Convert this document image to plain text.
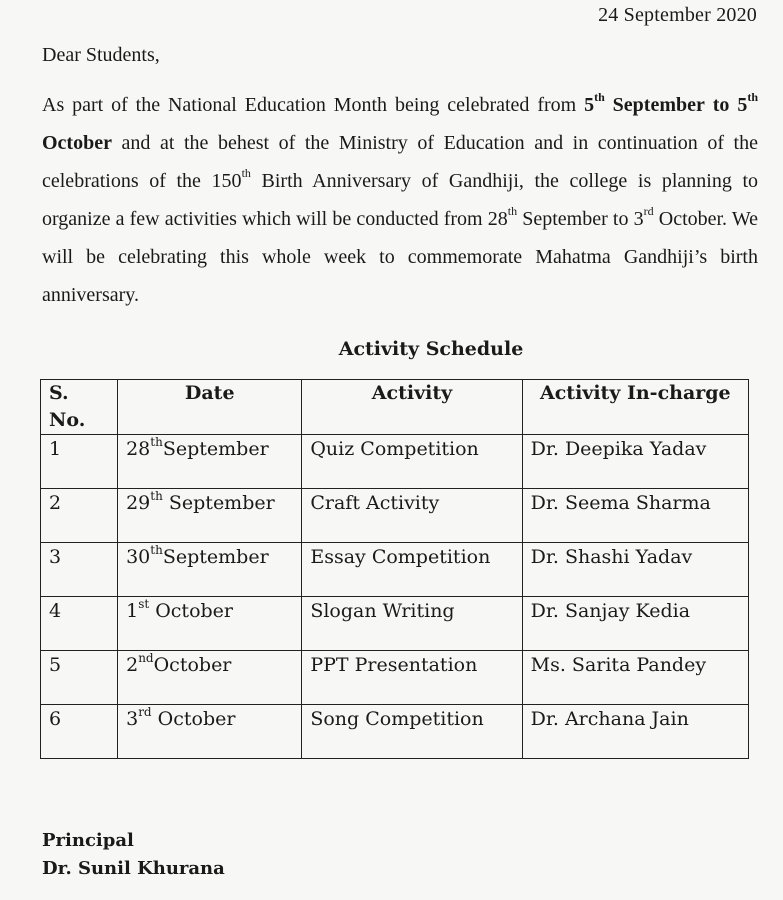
24 September 2020
Dear Students,
As part of the National Education Month being celebrated from 5th September to 5th October and at the behest of the Ministry of Education and in continuation of the celebrations of the 150th Birth Anniversary of Gandhiji, the college is planning to organize a few activities which will be conducted from 28th September to 3rd October. We will be celebrating this whole week to commemorate Mahatma Gandhiji’s birth anniversary.
Activity Schedule
S. No.	Date	Activity	Activity In-charge
1	28thSeptember	Quiz Competition	Dr. Deepika Yadav
2	29th September	Craft Activity	Dr. Seema Sharma
3	30thSeptember	Essay Competition	Dr. Shashi Yadav
4	1st October	Slogan Writing	Dr. Sanjay Kedia
5	2ndOctober	PPT Presentation	Ms. Sarita Pandey
6	3rd October	Song Competition	Dr. Archana Jain
Principal
Dr. Sunil Khurana
